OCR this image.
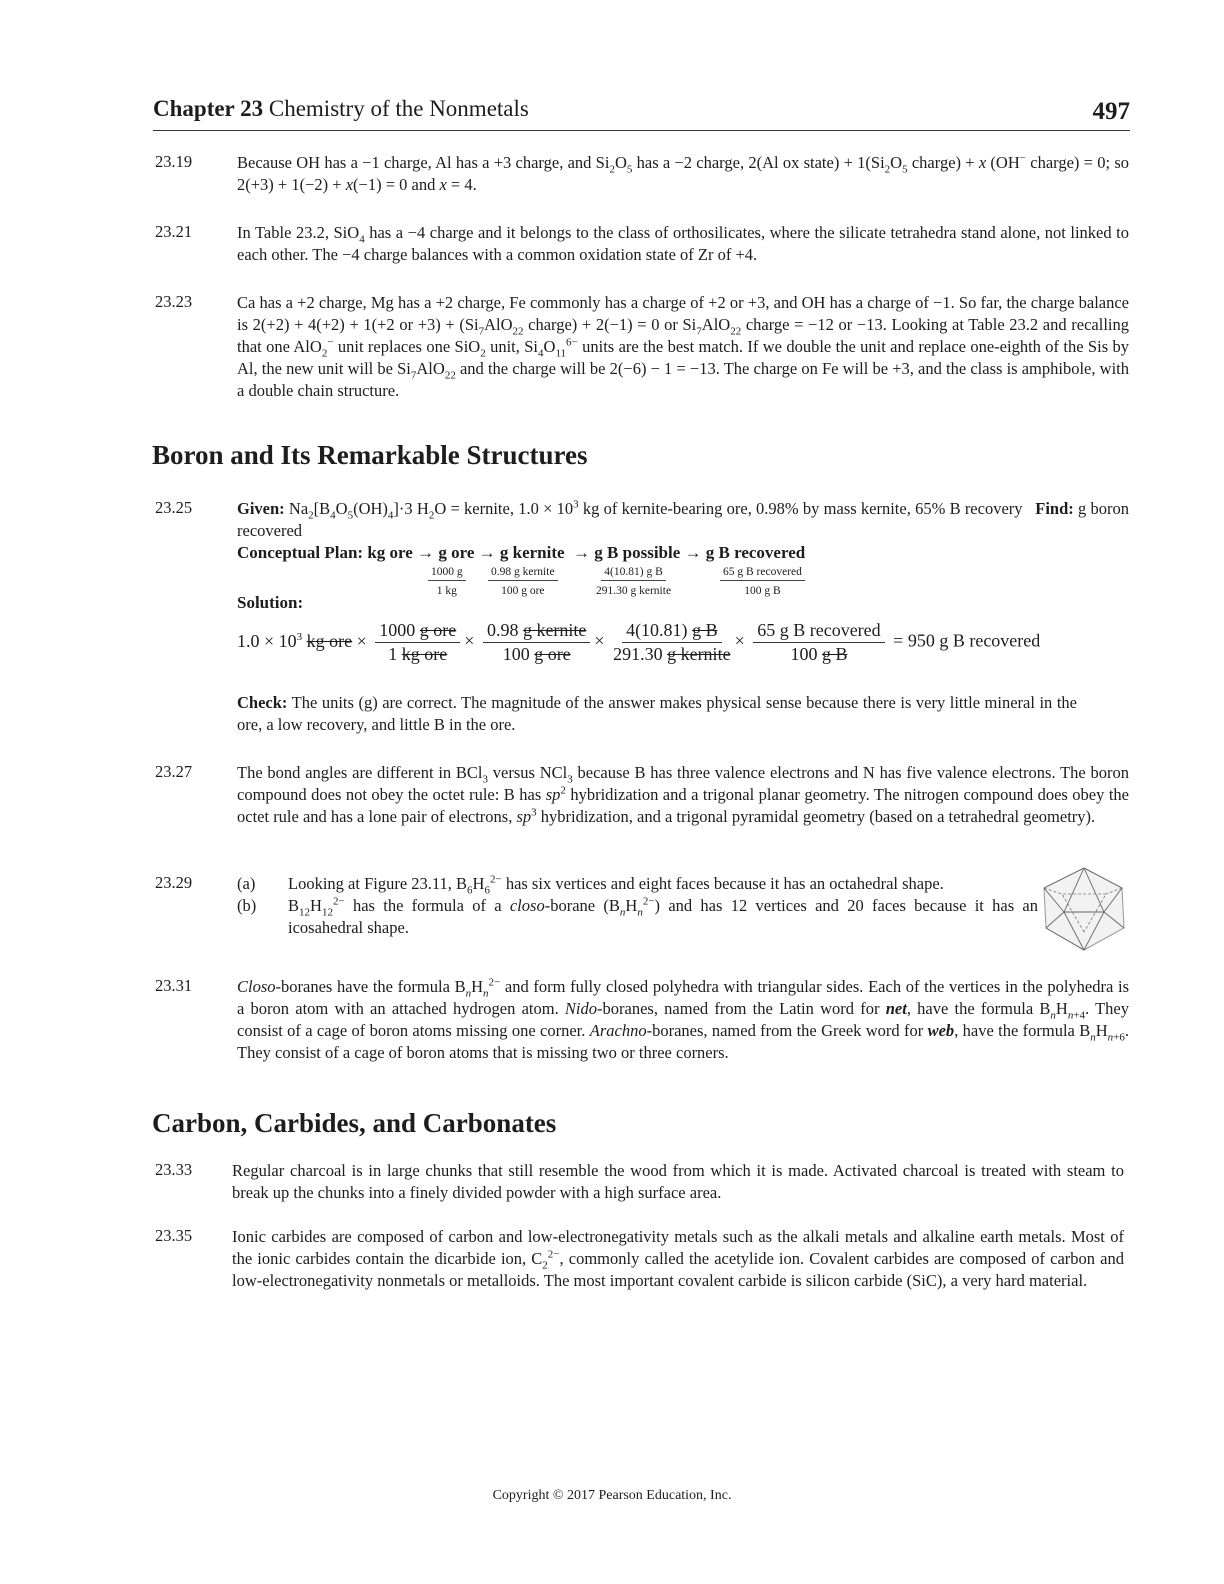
Chapter 23 Chemistry of the Nonmetals	497
23.19	Because OH has a −1 charge, Al has a +3 charge, and $Si_2O_5$ has a −2 charge, 2(Al ox state) + $1(Si_2O_5$ charge) + x (OH− charge) = 0; so 2(+3) + 1(−2) + x(−1) = 0 and x = 4.
23.21	In Table 23.2, SiO$_4$ has a −4 charge and it belongs to the class of orthosilicates, where the silicate tetrahedra stand alone, not linked to each other. The −4 charge balances with a common oxidation state of Zr of +4.
23.23	Ca has a +2 charge, Mg has a +2 charge, Fe commonly has a charge of +2 or +3, and OH has a charge of −1. So far, the charge balance is 2(+2) + 4(+2) + 1(+2 or $+3) + (Si_7AlO_{22}$ charge) + 2(−1) = 0 or $Si_7AlO_{22}$ charge = −12 or −13. Looking at Table 23.2 and recalling that one AlO$_2$− unit replaces one SiO$_2$ unit, $Si_4O_{11}^{6-}$ units are the best match. If we double the unit and replace one-eighth of the Sis by Al, the new unit will be $Si_7AlO_{22}$ and the charge will be 2(−6) − 1 = −13. The charge on Fe will be +3, and the class is amphibole, with a double chain structure.
Boron and Its Remarkable Structures
23.25	Given: $Na_2[B_4O_5(OH)_4]\cdot 3$ $H_2O$ = kernite, $1.0 \times 10^3$ kg of kernite-bearing ore, 0.98% by mass kernite, 65% B recovery   Find: g boron recovered
Conceptual Plan: kg ore → g ore → g kernite  → g B possible → g B recovered
$\frac{1000 g}{1 kg} 0.98$ g kernite
100 g ore
4(10.81) g B
291.30 g kernite
65 g B recovered
100 g B
Solution:
$1.0 \times 10^3$ kg ore ×
1000 g ore
1 kg ore
×
0.98 g kernite
100 g ore
×
4(10.81) g B
291.30 g kernite
×
65 g B recovered
100 g B
= 950 g B recovered
Check: The units (g) are correct. The magnitude of the answer makes physical sense because there is very little mineral in the ore, a low recovery, and little B in the ore.
23.27	The bond angles are different in BCl$_3$ versus NCl$_3$ because B has three valence electrons and N has five valence electrons. The boron compound does not obey the octet rule: B has $sp^2$ hybridization and a trigonal planar geometry. The nitrogen compound does obey the octet rule and has a lone pair of electrons, $sp^3$ hybridization, and a trigonal pyramidal geometry (based on a tetrahedral geometry).
23.29	(a) Looking at Figure 23.11, $B_6H_6^{2-}$ has six vertices and eight faces because it has an octahedral shape.
(b) $B_{12}H_{12}^{2-}$ has the formula of a closo-borane $(B_nH_n^{2-})$ and has 12 vertices and 20 faces because it has an icosahedral shape.
23.31	Closo-boranes have the formula $B_nH_n^{2-}$ and form fully closed polyhedra with triangular sides. Each of the vertices in the polyhedra is a boron atom with an attached hydrogen atom. Nido-boranes, named from the Latin word for net, have the formula $B_nH_{n+4}$. They consist of a cage of boron atoms missing one corner. Arachno-boranes, named from the Greek word for web, have the formula $B_nH_{n+6}$. They consist of a cage of boron atoms that is missing two or three corners.
Carbon, Carbides, and Carbonates
23.33 Regular charcoal is in large chunks that still resemble the wood from which it is made. Activated charcoal is treated with steam to break up the chunks into a finely divided powder with a high surface area.
23.35 Ionic carbides are composed of carbon and low-electronegativity metals such as the alkali metals and alkaline earth metals. Most of the ionic carbides contain the dicarbide ion, $C_2^{2-}$, commonly called the acetylide ion. Covalent carbides are composed of carbon and low-electronegativity nonmetals or metalloids. The most important covalent carbide is silicon carbide (SiC), a very hard material.
Copyright © 2017 Pearson Education, Inc.
